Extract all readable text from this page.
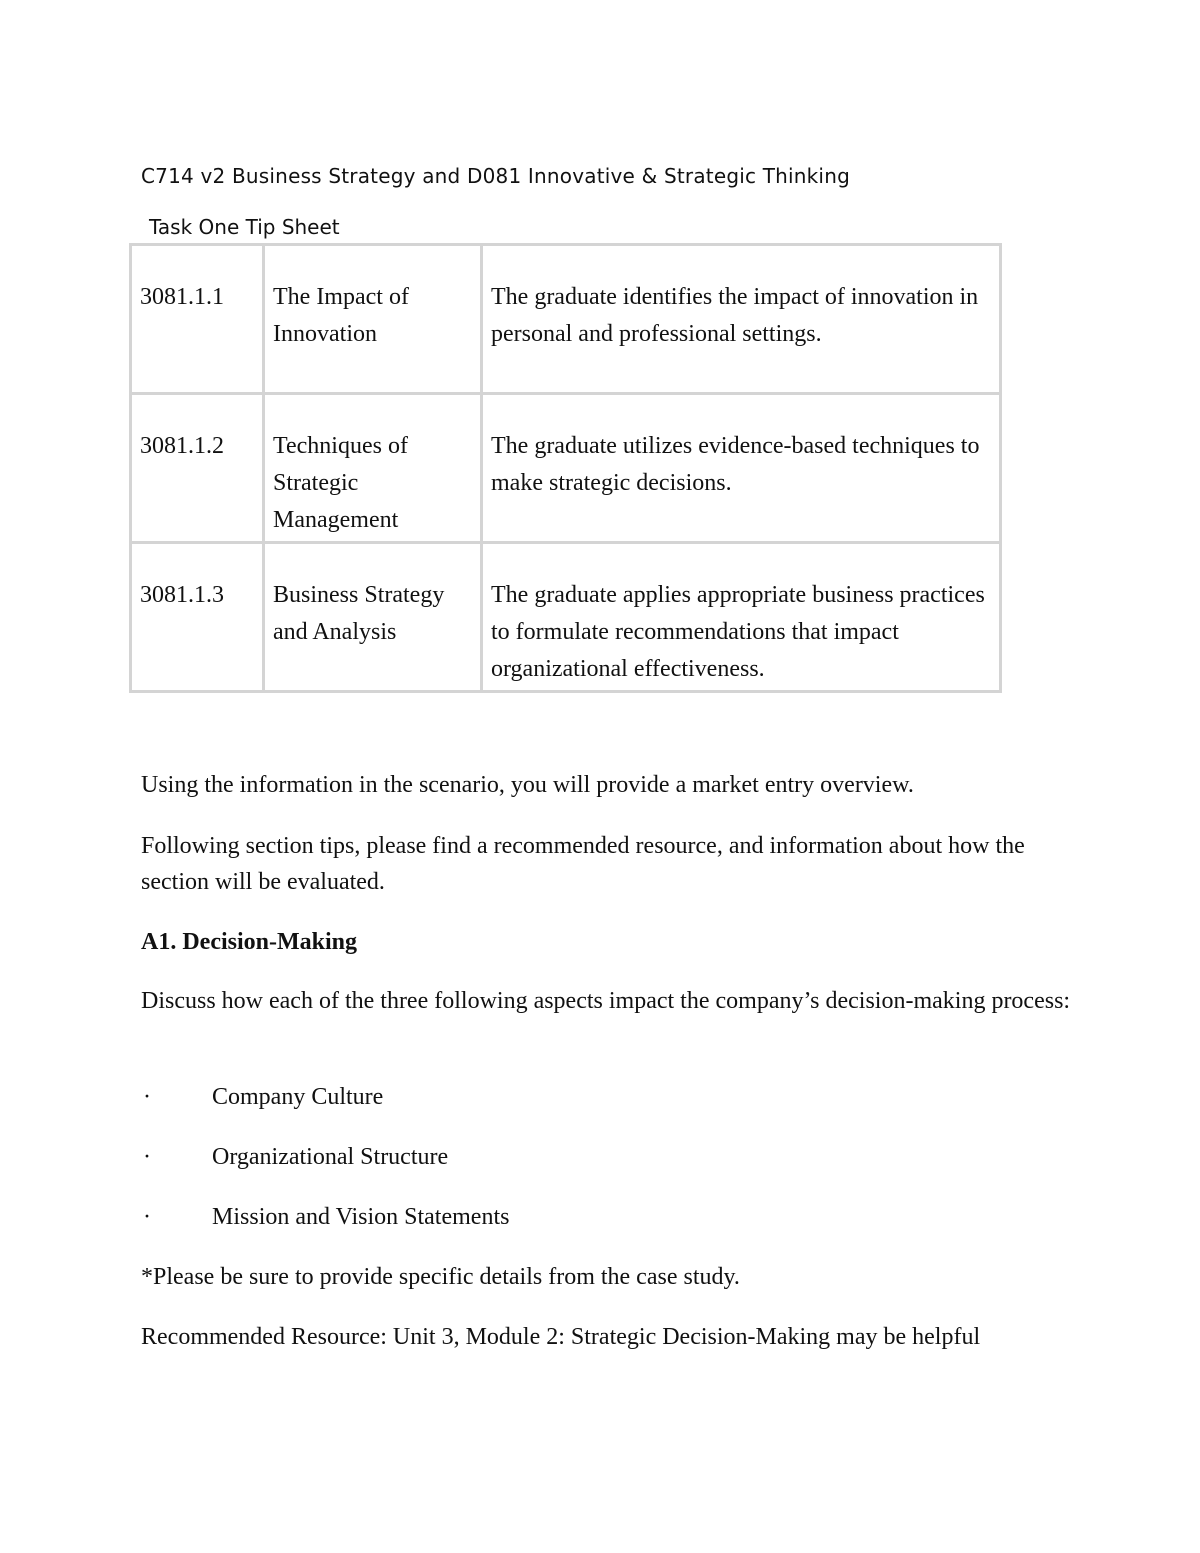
C714 v2 Business Strategy and D081 Innovative & Strategic Thinking
Task One Tip Sheet
3081.1.1	The Impact of Innovation	The graduate identifies the impact of innovation in personal and professional settings.
3081.1.2	Techniques of Strategic Management	The graduate utilizes evidence-based techniques to make strategic decisions.
3081.1.3	Business Strategy and Analysis	The graduate applies appropriate business practices to formulate recommendations that impact organizational effectiveness.

Using the information in the scenario, you will provide a market entry overview.

Following section tips, please find a recommended resource, and information about how the section will be evaluated.

A1. Decision-Making

Discuss how each of the three following aspects impact the company’s decision-making process:

·	Company Culture
·	Organizational Structure
·	Mission and Vision Statements

*Please be sure to provide specific details from the case study.

Recommended Resource: Unit 3, Module 2: Strategic Decision-Making may be helpful
